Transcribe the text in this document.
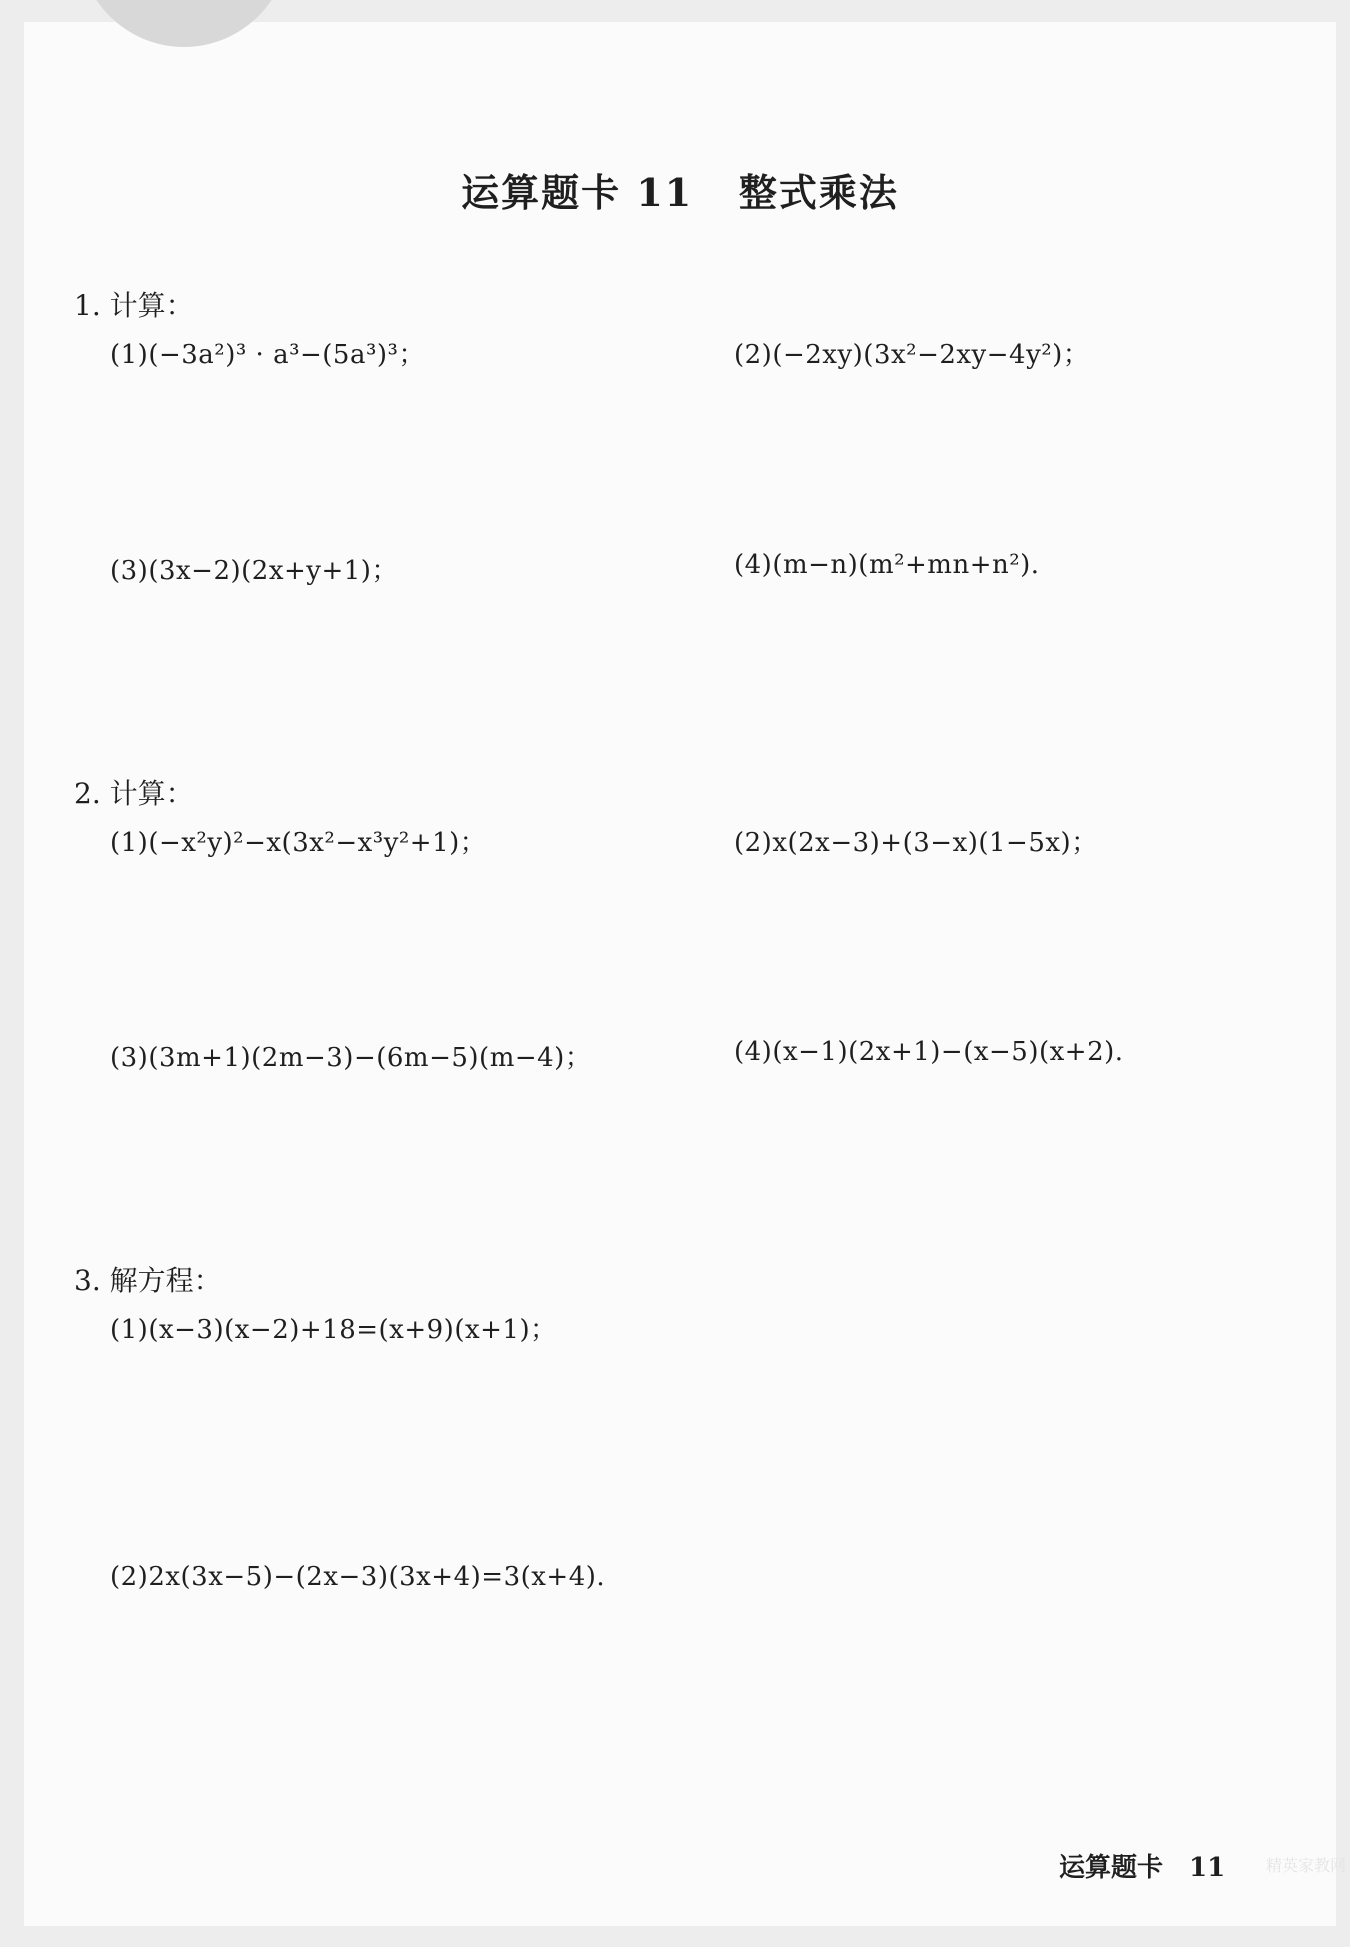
运算题卡 11   整式乘法
1. 计算：
(1)(−3a²)³ · a³−(5a³)³；	(2)(−2xy)(3x²−2xy−4y²)；
(3)(3x−2)(2x+y+1)；	(4)(m−n)(m²+mn+n²).
2. 计算：
(1)(−x²y)²−x(3x²−x³y²+1)；	(2)x(2x−3)+(3−x)(1−5x)；
(3)(3m+1)(2m−3)−(6m−5)(m−4)；	(4)(x−1)(2x+1)−(x−5)(x+2).
3. 解方程：
(1)(x−3)(x−2)+18=(x+9)(x+1)；
(2)2x(3x−5)−(2x−3)(3x+4)=3(x+4).
运算题卡 11	精英家教网
